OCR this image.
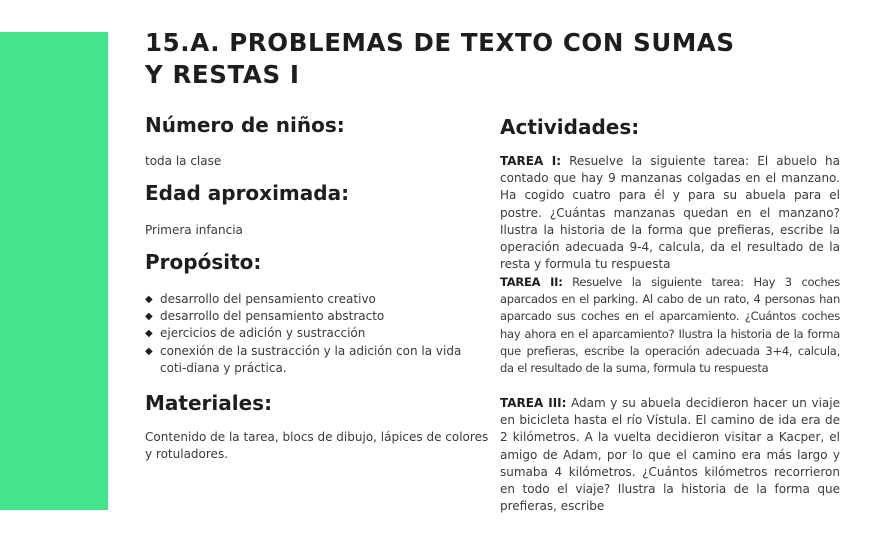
15.A. PROBLEMAS DE TEXTO CON SUMAS
Y RESTAS I
Número de niños:

toda la clase

Edad aproximada:

Primera infancia

Propósito:
◆ desarrollo del pensamiento creativo
◆ desarrollo del pensamiento abstracto
◆ ejercicios de adición y sustracción
◆ conexión de la sustracción y la adición con la vida coti-diana y práctica.
Materiales:

Contenido de la tarea, blocs de dibujo, lápices de colores y rotuladores.

Actividades:

TAREA I: Resuelve la siguiente tarea: El abuelo ha contado que hay 9 manzanas colgadas en el manzano. Ha cogido cuatro para él y para su abuela para el postre. ¿Cuántas manzanas quedan en el manzano? Ilustra la historia de la forma que prefieras, escribe la operación adecuada 9-4, calcula, da el resultado de la resta y formula tu respuesta

TAREA II: Resuelve la siguiente tarea: Hay 3 coches aparcados en el parking. Al cabo de un rato, 4 personas han aparcado sus coches en el aparcamiento. ¿Cuántos coches hay ahora en el aparcamiento? Ilustra la historia de la forma que prefieras, escribe la operación adecuada 3+4, calcula, da el resultado de la suma, formula tu respuesta

TAREA III: Adam y su abuela decidieron hacer un viaje en bicicleta hasta el río Vístula. El camino de ida era de 2 kilómetros. A la vuelta decidieron visitar a Kacper, el amigo de Adam, por lo que el camino era más largo y sumaba 4 kilómetros. ¿Cuántos kilómetros recorrieron en todo el viaje? Ilustra la historia de la forma que prefieras, escribe
